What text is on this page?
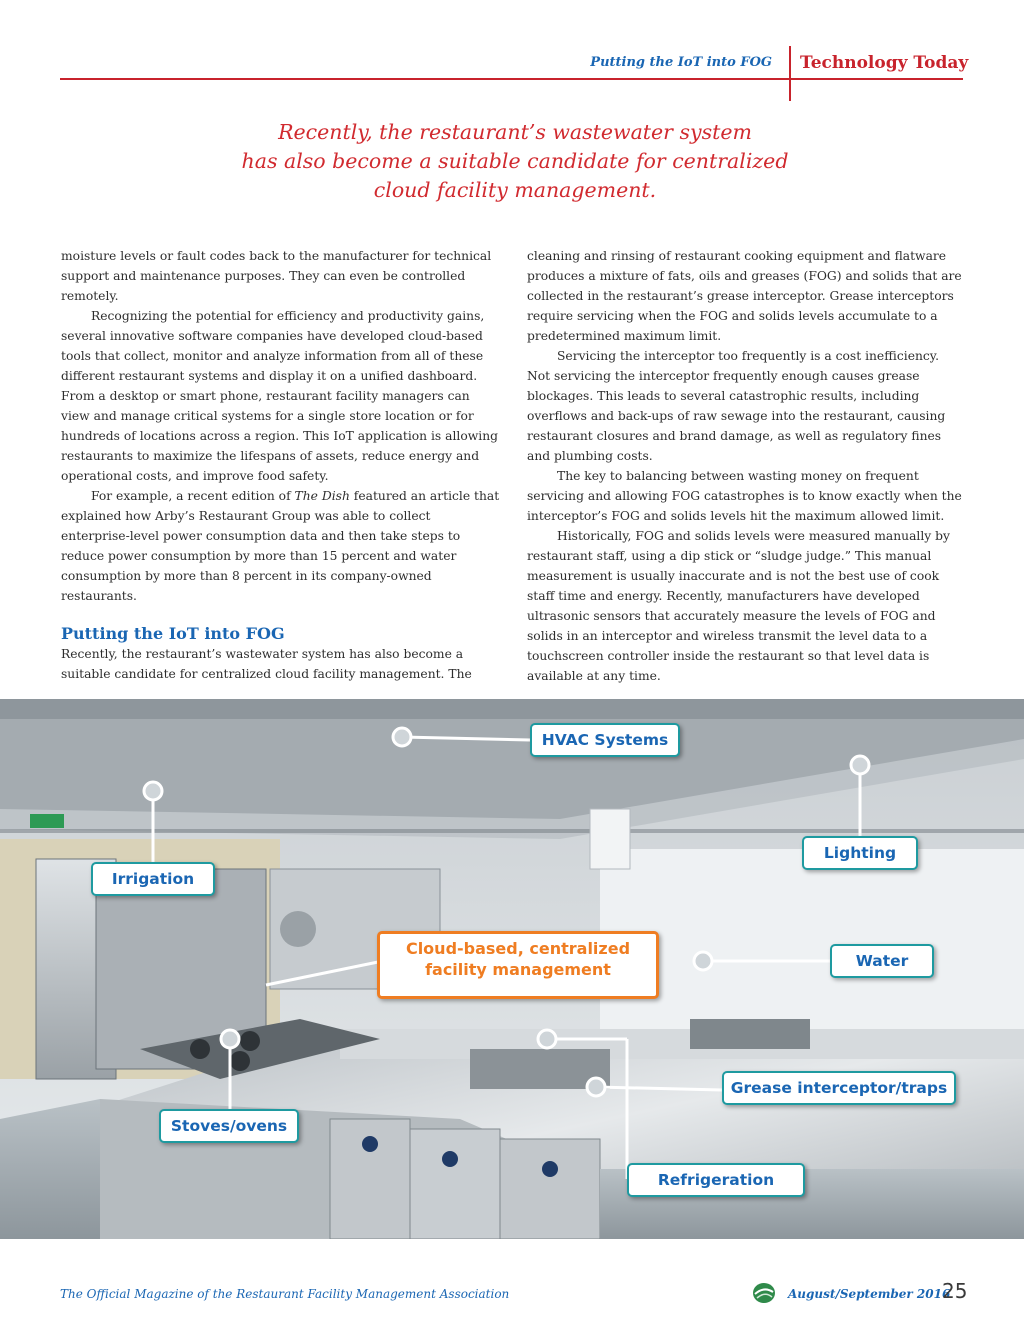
Putting the IoT into FOG Technology Today
Recently, the restaurant’s wastewater system
has also become a suitable candidate for centralized
cloud facility management.

moisture levels or fault codes back to the manufacturer for technical support and maintenance purposes. They can even be controlled remotely.

Recognizing the potential for efficiency and productivity gains, several innovative software companies have developed cloud-based tools that collect, monitor and analyze information from all of these different restaurant systems and display it on a unified dashboard. From a desktop or smart phone, restaurant facility managers can view and manage critical systems for a single store location or for hundreds of locations across a region. This IoT application is allowing restaurants to maximize the lifespans of assets, reduce energy and operational costs, and improve food safety.

For example, a recent edition of The Dish featured an article that explained how Arby’s Restaurant Group was able to collect enterprise-level power consumption data and then take steps to reduce power consumption by more than 15 percent and water consumption by more than 8 percent in its company-owned restaurants.

Putting the IoT into FOG

Recently, the restaurant’s wastewater system has also become a suitable candidate for centralized cloud facility management. The

cleaning and rinsing of restaurant cooking equipment and flatware produces a mixture of fats, oils and greases (FOG) and solids that are collected in the restaurant’s grease interceptor. Grease interceptors require servicing when the FOG and solids levels accumulate to a predetermined maximum limit.

Servicing the interceptor too frequently is a cost inefficiency. Not servicing the interceptor frequently enough causes grease blockages. This leads to several catastrophic results, including overflows and back-ups of raw sewage into the restaurant, causing restaurant closures and brand damage, as well as regulatory fines and plumbing costs.

The key to balancing between wasting money on frequent servicing and allowing FOG catastrophes is to know exactly when the interceptor’s FOG and solids levels hit the maximum allowed limit.

Historically, FOG and solids levels were measured manually by restaurant staff, using a dip stick or “sludge judge.” This manual measurement is usually inaccurate and is not the best use of cook staff time and energy. Recently, manufacturers have developed ultrasonic sensors that accurately measure the levels of FOG and solids in an interceptor and wireless transmit the level data to a touchscreen controller inside the restaurant so that level data is available at any time.

HVAC Systems
Lighting
Irrigation
Cloud-based, centralized
facility management	Water
Stoves/ovens
Grease interceptor/traps
Refrigeration
The Official Magazine of the Restaurant Facility Management Association	August/September 2016
25
